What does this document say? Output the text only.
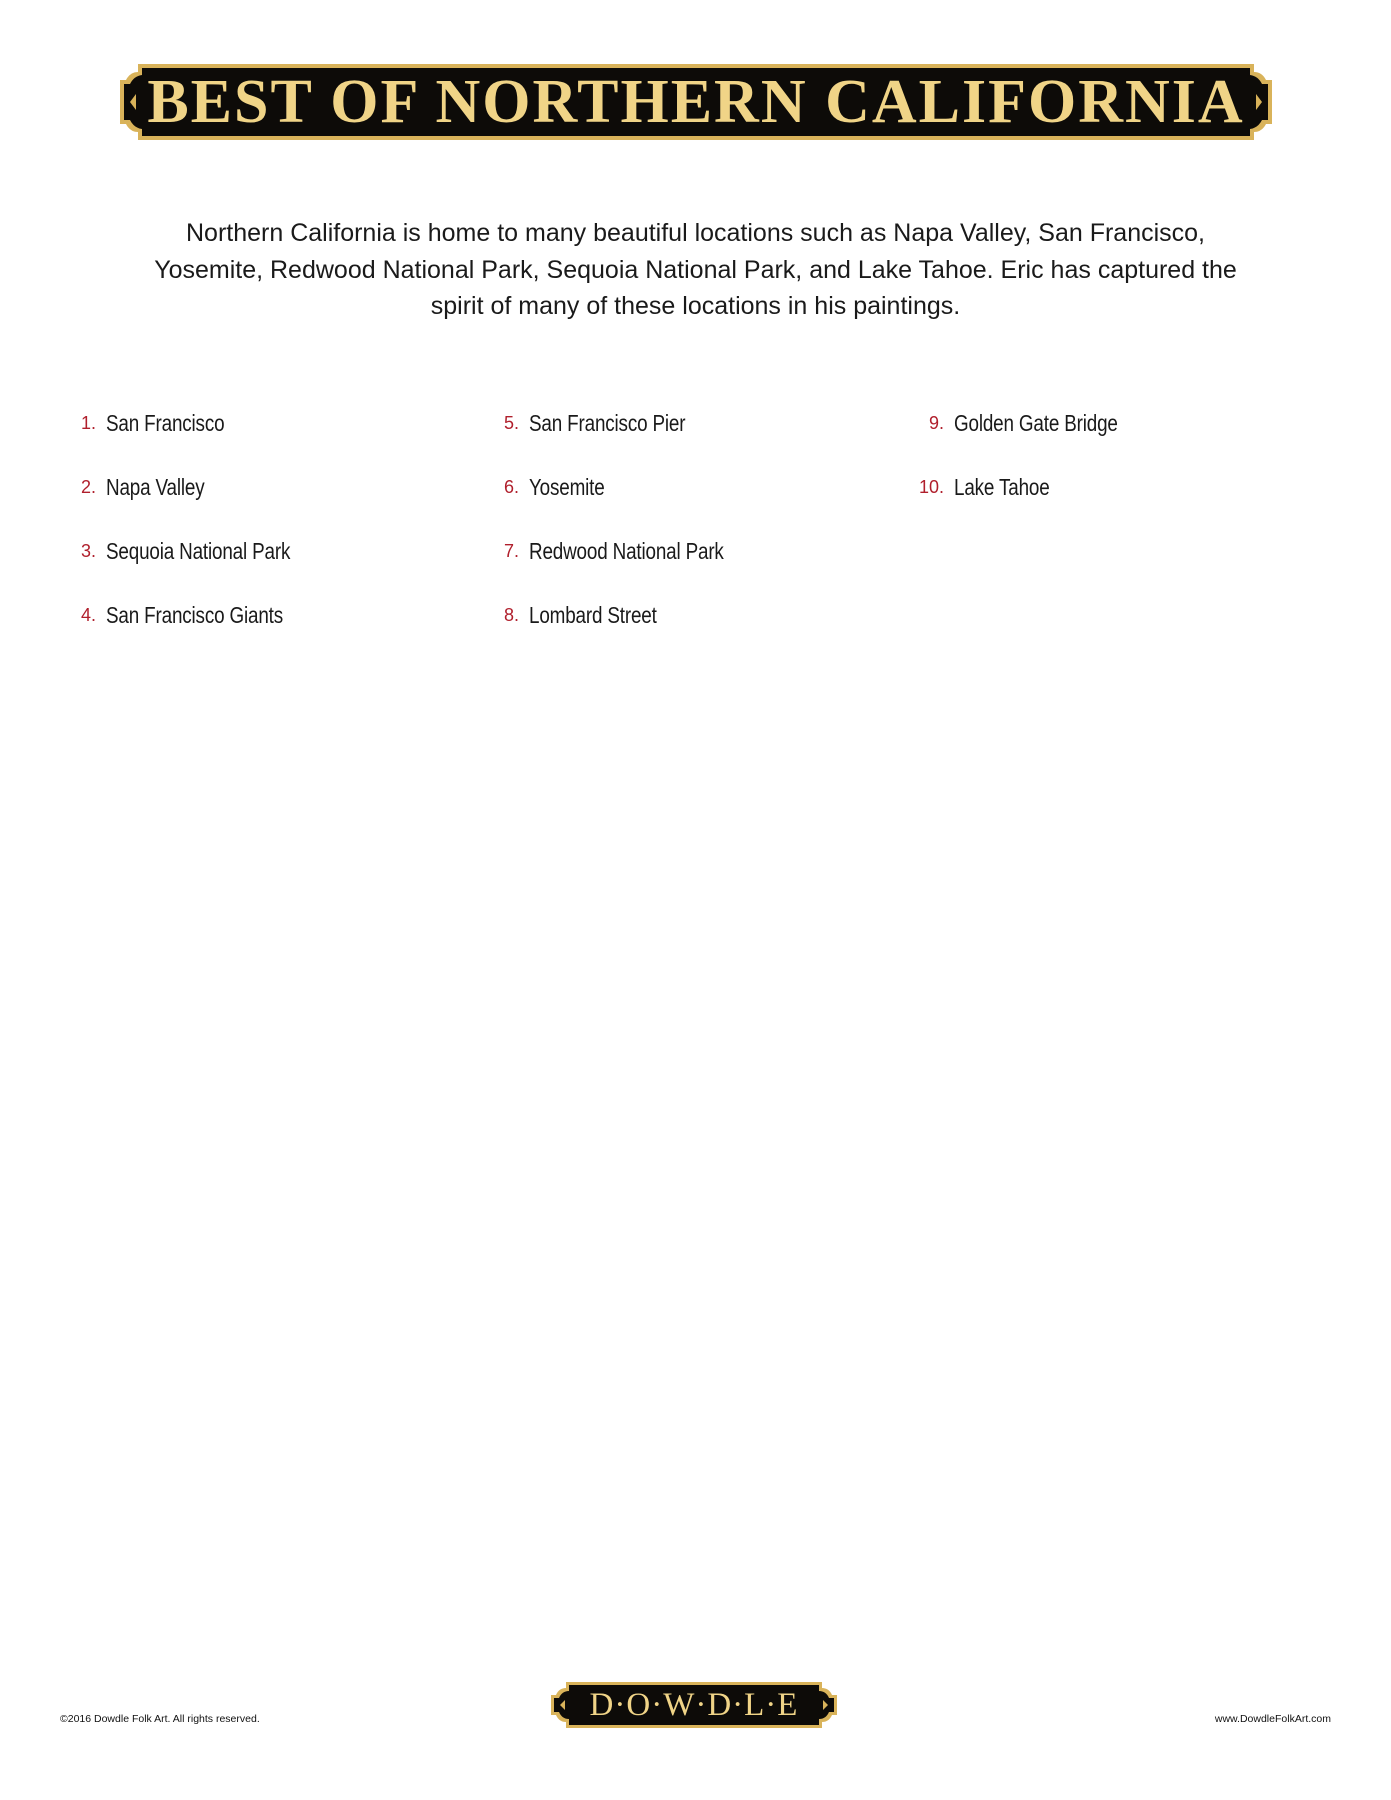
BEST OF NORTHERN CALIFORNIA
Northern California is home to many beautiful locations such as Napa Valley, San Francisco, Yosemite, Redwood National Park, Sequoia National Park, and Lake Tahoe. Eric has captured the spirit of many of these locations in his paintings.
1. San Francisco
2. Napa Valley
3. Sequoia National Park
4. San Francisco Giants
5. San Francisco Pier
6. Yosemite
7. Redwood National Park
8. Lombard Street
9. Golden Gate Bridge
10. Lake Tahoe
©2016 Dowdle Folk Art. All rights reserved.	D·O·W·D·L·E	www.DowdleFolkArt.com
